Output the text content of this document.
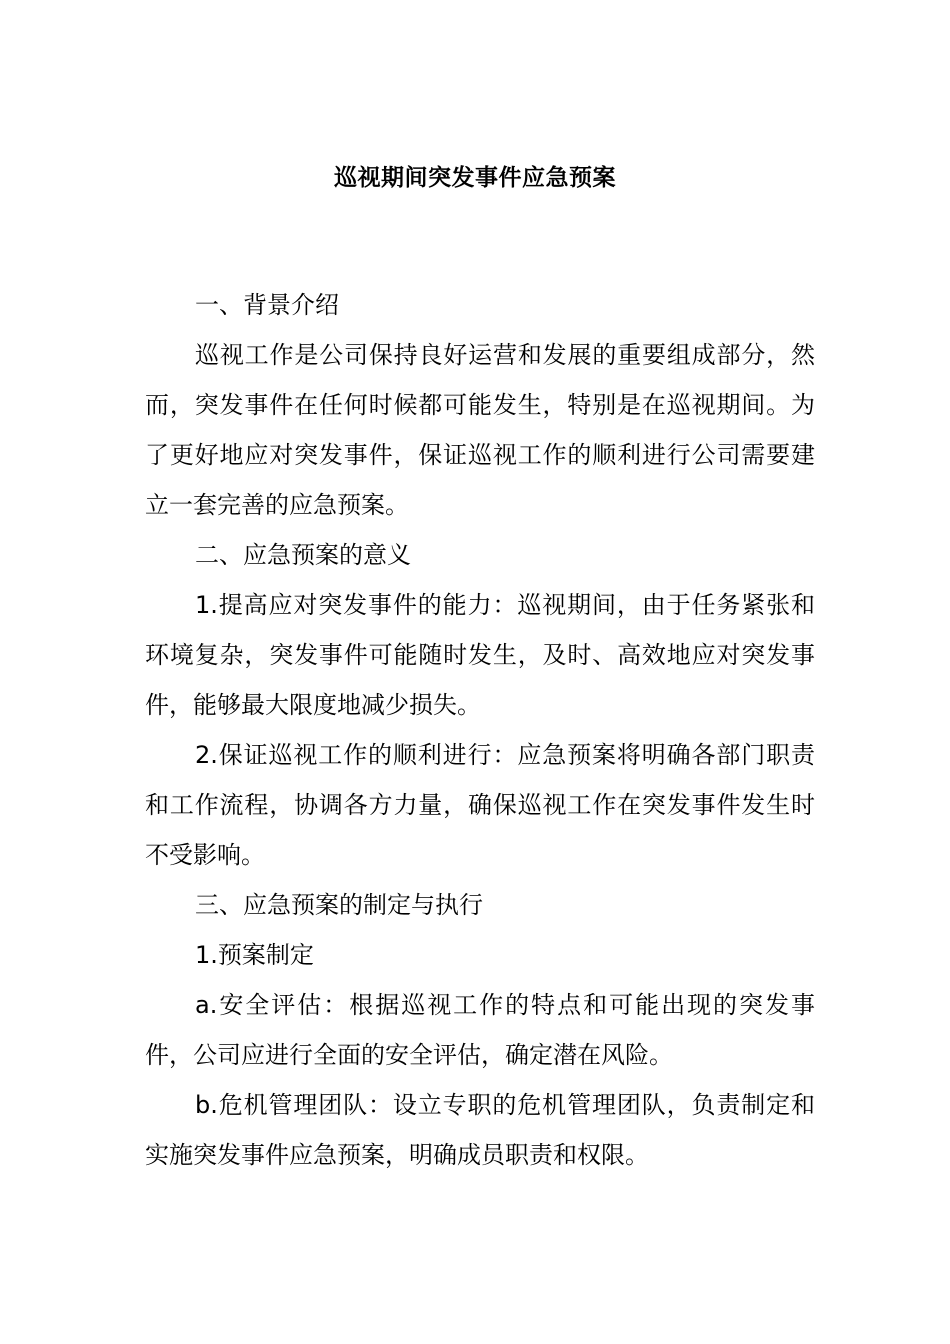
巡视期间突发事件应急预案

一、背景介绍

巡视工作是公司保持良好运营和发展的重要组成部分，然而，突发事件在任何时候都可能发生，特别是在巡视期间。为了更好地应对突发事件，保证巡视工作的顺利进行公司需要建立一套完善的应急预案。

二、应急预案的意义

1.提高应对突发事件的能力：巡视期间，由于任务紧张和环境复杂，突发事件可能随时发生，及时、高效地应对突发事件，能够最大限度地减少损失。

2.保证巡视工作的顺利进行：应急预案将明确各部门职责和工作流程，协调各方力量，确保巡视工作在突发事件发生时不受影响。

三、应急预案的制定与执行

1.预案制定

a.安全评估：根据巡视工作的特点和可能出现的突发事件，公司应进行全面的安全评估，确定潜在风险。

b.危机管理团队：设立专职的危机管理团队，负责制定和实施突发事件应急预案，明确成员职责和权限。
